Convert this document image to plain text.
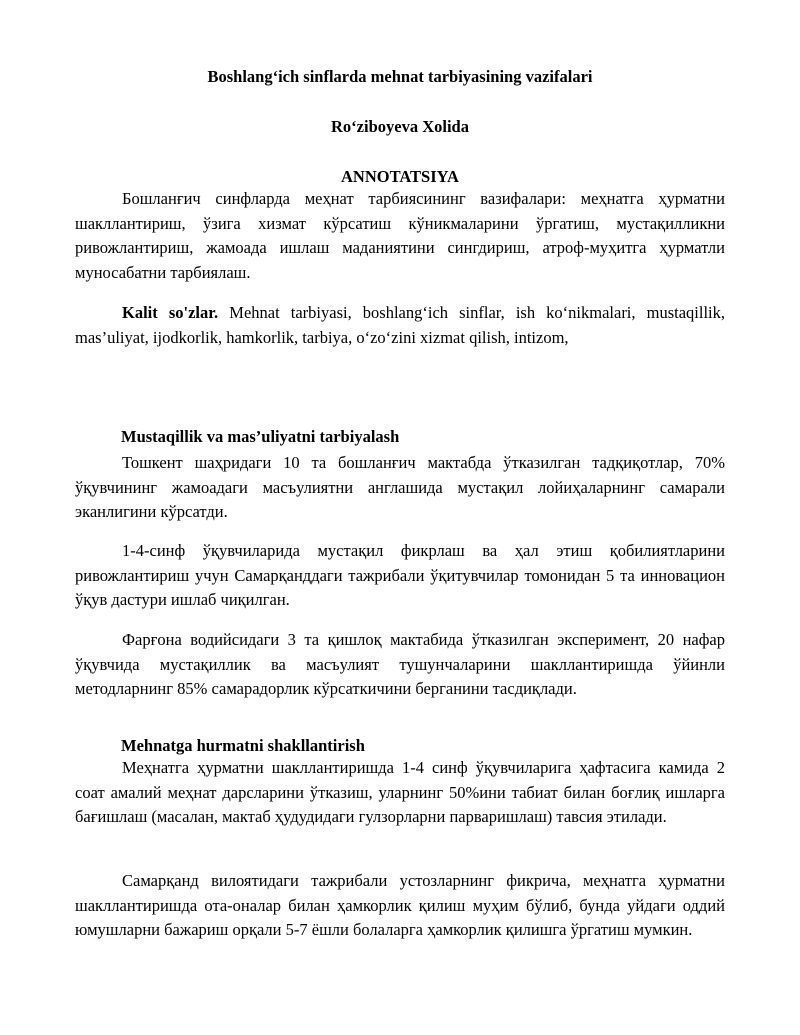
Boshlang‘ich sinflarda mehnat tarbiyasining vazifalari
Ro‘ziboyeva Xolida
ANNOTATSIYA

Бошланғич синфларда меҳнат тарбиясининг вазифалари: меҳнатга ҳурматни шакллантириш, ўзига хизмат кўрсатиш кўникмаларини ўргатиш, мустақилликни ривожлантириш, жамоада ишлаш маданиятини сингдириш, атроф-муҳитга ҳурматли муносабатни тарбиялаш.

Kalit so'zlar. Mehnat tarbiyasi, boshlang‘ich sinflar, ish ko‘nikmalari, mustaqillik, mas’uliyat, ijodkorlik, hamkorlik, tarbiya, o‘zo‘zini xizmat qilish, intizom,

Mustaqillik va mas’uliyatni tarbiyalash

Тошкент шаҳридаги 10 та бошланғич мактабда ўтказилган тадқиқотлар, 70% ўқувчининг жамоадаги масъулиятни англашида мустақил лойиҳаларнинг самарали эканлигини кўрсатди.

1-4-синф ўқувчиларида мустақил фикрлаш ва ҳал этиш қобилиятларини ривожлантириш учун Самарқанддаги тажрибали ўқитувчилар томонидан 5 та инновацион ўқув дастури ишлаб чиқилган.

Фарғона водийсидаги 3 та қишлоқ мактабида ўтказилган эксперимент, 20 нафар ўқувчида мустақиллик ва масъулият тушунчаларини шакллантиришда ўйинли методларнинг 85% самарадорлик кўрсаткичини берганини тасдиқлади.

Mehnatga hurmatni shakllantirish

Меҳнатга ҳурматни шакллантиришда 1-4 синф ўқувчиларига ҳафтасига камида 2 соат амалий меҳнат дарсларини ўтказиш, уларнинг 50%ини табиат билан боғлиқ ишларга бағишлаш (масалан, мактаб ҳудудидаги гулзорларни парваришлаш) тавсия этилади.

Самарқанд вилоятидаги тажрибали устозларнинг фикрича, меҳнатга ҳурматни шакллантиришда ота-оналар билан ҳамкорлик қилиш муҳим бўлиб, бунда уйдаги оддий юмушларни бажариш орқали 5-7 ёшли болаларга ҳамкорлик қилишга ўргатиш мумкин.
